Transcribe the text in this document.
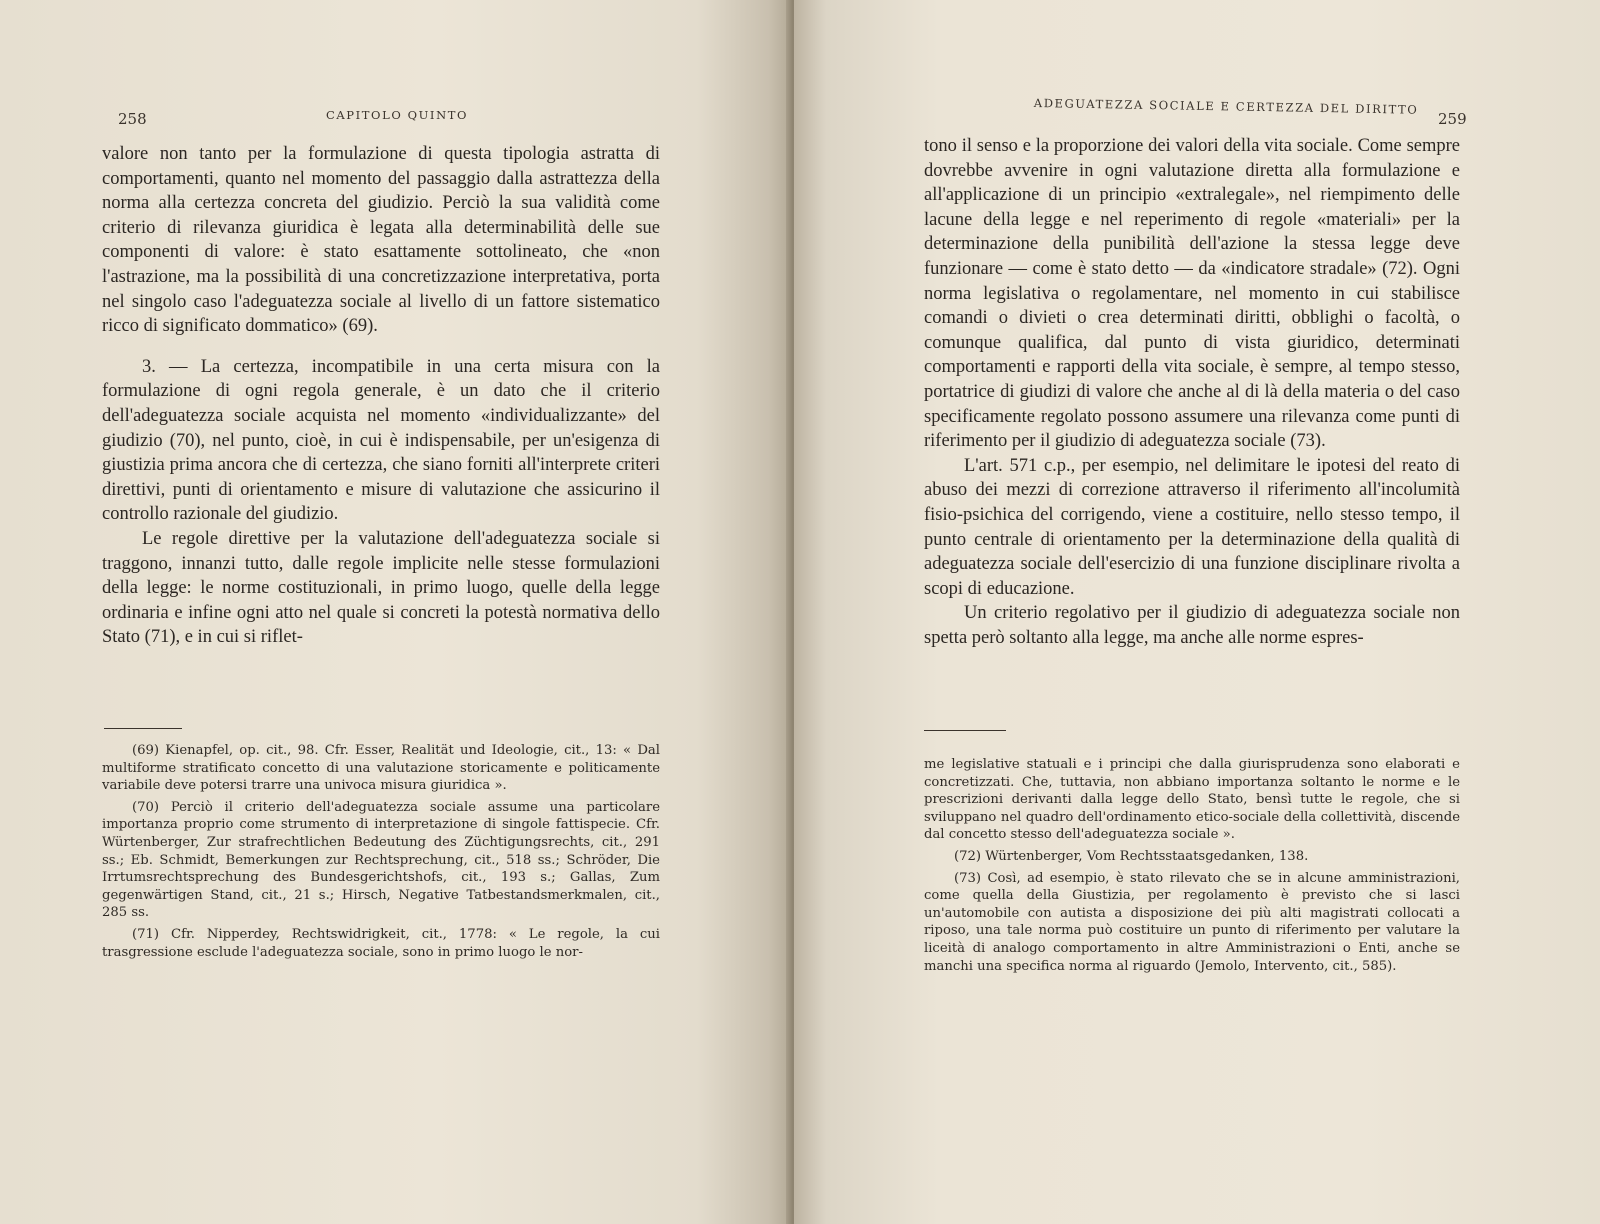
258	CAPITOLO QUINTO

valore non tanto per la formulazione di questa tipologia astratta di comportamenti, quanto nel momento del passaggio dalla astrattezza della norma alla certezza concreta del giudizio. Perciò la sua validità come criterio di rilevanza giuridica è legata alla determinabilità delle sue componenti di valore: è stato esattamente sottolineato, che «non l'astrazione, ma la possibilità di una concretizzazione interpretativa, porta nel singolo caso l'adeguatezza sociale al livello di un fattore sistematico ricco di significato dommatico» (69).

3. — La certezza, incompatibile in una certa misura con la formulazione di ogni regola generale, è un dato che il criterio dell'adeguatezza sociale acquista nel momento «individualizzante» del giudizio (70), nel punto, cioè, in cui è indispensabile, per un'esigenza di giustizia prima ancora che di certezza, che siano forniti all'interprete criteri direttivi, punti di orientamento e misure di valutazione che assicurino il controllo razionale del giudizio.

Le regole direttive per la valutazione dell'adeguatezza sociale si traggono, innanzi tutto, dalle regole implicite nelle stesse formulazioni della legge: le norme costituzionali, in primo luogo, quelle della legge ordinaria e infine ogni atto nel quale si concreti la potestà normativa dello Stato (71), e in cui si riflet-

(69) Kienapfel, op. cit., 98. Cfr. Esser, Realität und Ideologie, cit., 13: « Dal multiforme stratificato concetto di una valutazione storicamente e politicamente variabile deve potersi trarre una univoca misura giuridica ».

(70) Perciò il criterio dell'adeguatezza sociale assume una particolare importanza proprio come strumento di interpretazione di singole fattispecie. Cfr. Würtenberger, Zur strafrechtlichen Bedeutung des Züchtigungsrechts, cit., 291 ss.; Eb. Schmidt, Bemerkungen zur Rechtsprechung, cit., 518 ss.; Schröder, Die Irrtumsrechtsprechung des Bundesgerichtshofs, cit., 193 s.; Gallas, Zum gegenwärtigen Stand, cit., 21 s.; Hirsch, Negative Tatbestandsmerkmalen, cit., 285 ss.

(71) Cfr. Nipperdey, Rechtswidrigkeit, cit., 1778: « Le regole, la cui trasgressione esclude l'adeguatezza sociale, sono in primo luogo le nor-

ADEGUATEZZA SOCIALE E CERTEZZA DEL DIRITTO
259

tono il senso e la proporzione dei valori della vita sociale. Come sempre dovrebbe avvenire in ogni valutazione diretta alla formulazione e all'applicazione di un principio «extralegale», nel riempimento delle lacune della legge e nel reperimento di regole «materiali» per la determinazione della punibilità dell'azione la stessa legge deve funzionare — come è stato detto — da «indicatore stradale» (72). Ogni norma legislativa o regolamentare, nel momento in cui stabilisce comandi o divieti o crea determinati diritti, obblighi o facoltà, o comunque qualifica, dal punto di vista giuridico, determinati comportamenti e rapporti della vita sociale, è sempre, al tempo stesso, portatrice di giudizi di valore che anche al di là della materia o del caso specificamente regolato possono assumere una rilevanza come punti di riferimento per il giudizio di adeguatezza sociale (73).

L'art. 571 c.p., per esempio, nel delimitare le ipotesi del reato di abuso dei mezzi di correzione attraverso il riferimento all'incolumità fisio-psichica del corrigendo, viene a costituire, nello stesso tempo, il punto centrale di orientamento per la determinazione della qualità di adeguatezza sociale dell'esercizio di una funzione disciplinare rivolta a scopi di educazione.

Un criterio regolativo per il giudizio di adeguatezza sociale non spetta però soltanto alla legge, ma anche alle norme espres-

me legislative statuali e i principi che dalla giurisprudenza sono elaborati e concretizzati. Che, tuttavia, non abbiano importanza soltanto le norme e le prescrizioni derivanti dalla legge dello Stato, bensì tutte le regole, che si sviluppano nel quadro dell'ordinamento etico-sociale della collettività, discende dal concetto stesso dell'adeguatezza sociale ».

(72) Würtenberger, Vom Rechtsstaatsgedanken, 138.

(73) Così, ad esempio, è stato rilevato che se in alcune amministrazioni, come quella della Giustizia, per regolamento è previsto che si lasci un'automobile con autista a disposizione dei più alti magistrati collocati a riposo, una tale norma può costituire un punto di riferimento per valutare la liceità di analogo comportamento in altre Amministrazioni o Enti, anche se manchi una specifica norma al riguardo (Jemolo, Intervento, cit., 585).
